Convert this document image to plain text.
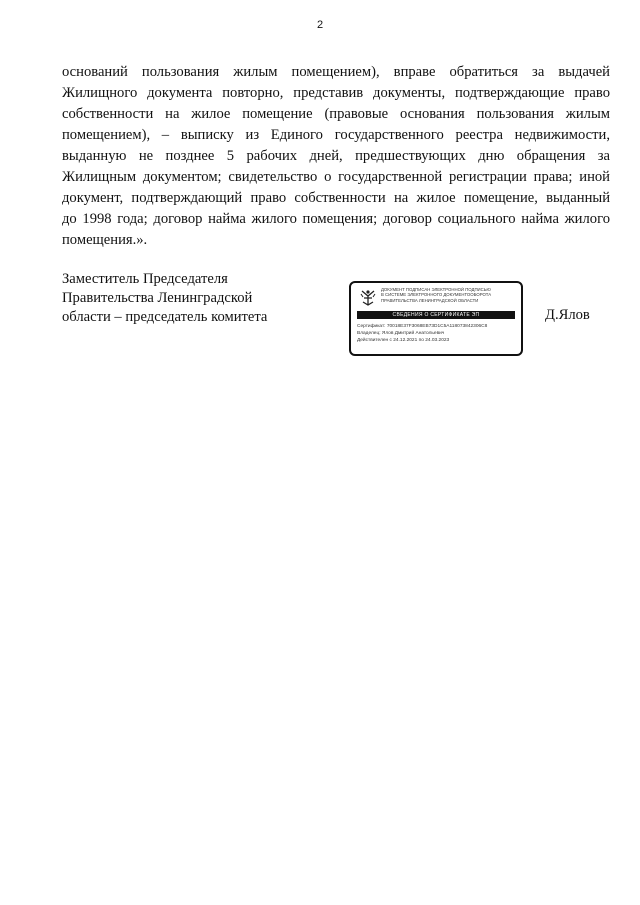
2
оснований пользования жилым помещением), вправе обратиться за выдачей
Жилищного документа повторно, представив документы, подтверждающие право
собственности на жилое помещение (правовые основания пользования жилым
помещением), – выписку из Единого государственного реестра недвижимости,
выданную не позднее 5 рабочих дней, предшествующих дню обращения за
Жилищным документом; свидетельство о государственной регистрации права; иной
документ, подтверждающий право собственности на жилое помещение, выданный
до 1998 года; договор найма жилого помещения; договор социального найма жилого
помещения.».
Заместитель Председателя
Правительства Ленинградской
области – председатель комитета
ДОКУМЕНТ ПОДПИСАН ЭЛЕКТРОННОЙ ПОДПИСЬЮ
В СИСТЕМЕ ЭЛЕКТРОННОГО ДОКУМЕНТООБОРОТА
ПРАВИТЕЛЬСТВА ЛЕНИНГРАДСКОЙ ОБЛАСТИ
СВЕДЕНИЯ О СЕРТИФИКАТЕ ЭП
Сертификат: 70018E37F3068EB73D1C5A118073842306C8
Владелец: Ялов Дмитрий Анатольевич
Действителен с 24.12.2021 по 24.03.2023
Д.Ялов
